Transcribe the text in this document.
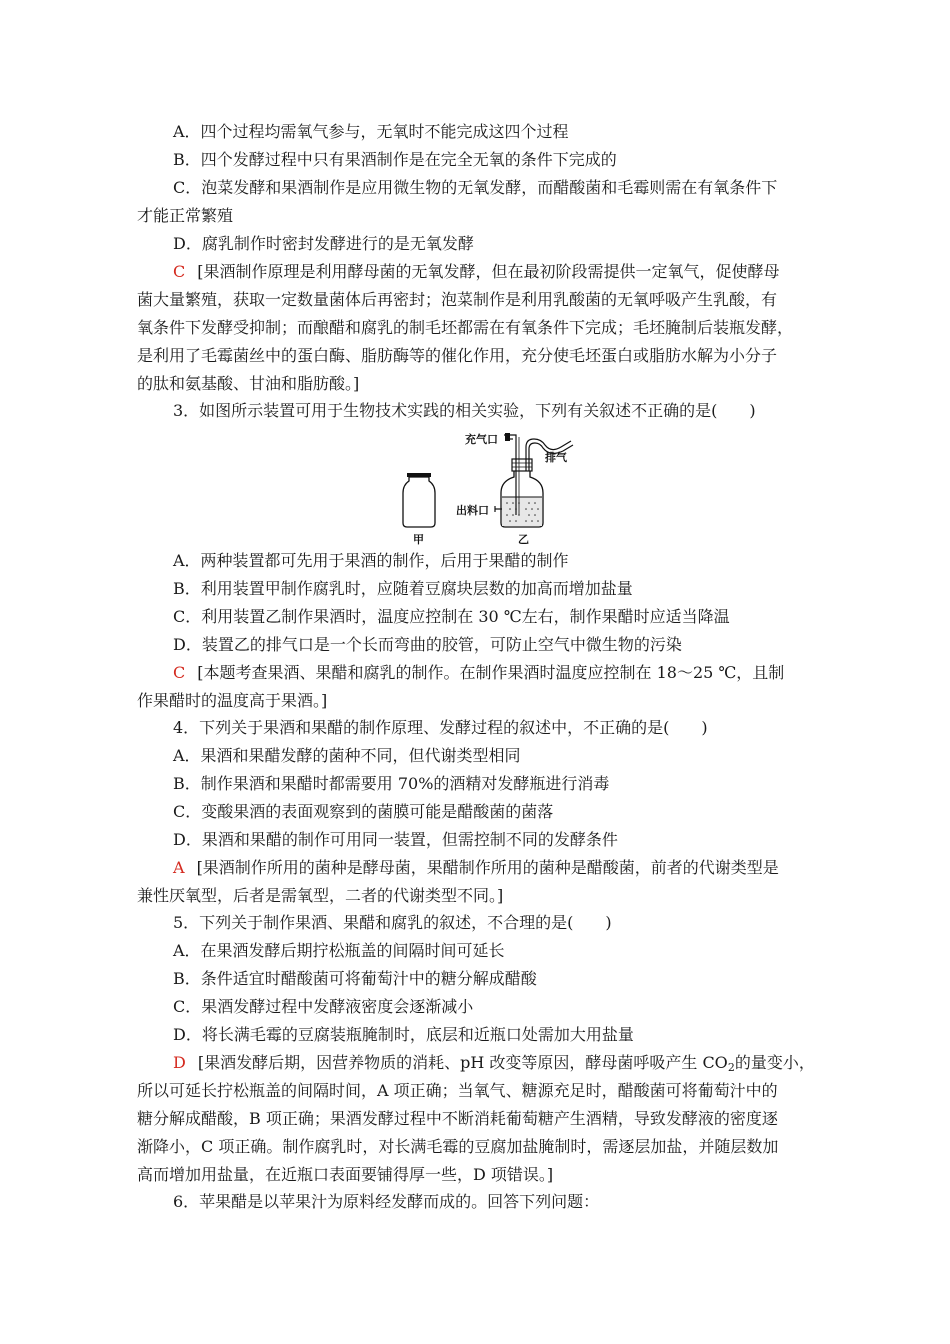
A．四个过程均需氧气参与，无氧时不能完成这四个过程
B．四个发酵过程中只有果酒制作是在完全无氧的条件下完成的
C．泡菜发酵和果酒制作是应用微生物的无氧发酵，而醋酸菌和毛霉则需在有氧条件下
才能正常繁殖
D．腐乳制作时密封发酵进行的是无氧发酵
C [果酒制作原理是利用酵母菌的无氧发酵，但在最初阶段需提供一定氧气，促使酵母
菌大量繁殖，获取一定数量菌体后再密封；泡菜制作是利用乳酸菌的无氧呼吸产生乳酸，有
氧条件下发酵受抑制；而酿醋和腐乳的制毛坯都需在有氧条件下完成；毛坯腌制后装瓶发酵，
是利用了毛霉菌丝中的蛋白酶、脂肪酶等的催化作用，充分使毛坯蛋白或脂肪水解为小分子
的肽和氨基酸、甘油和脂肪酸。]
3．如图所示装置可用于生物技术实践的相关实验，下列有关叙述不正确的是(　　)
甲
充气口
排气
出料口
乙
A．两种装置都可先用于果酒的制作，后用于果醋的制作
B．利用装置甲制作腐乳时，应随着豆腐块层数的加高而增加盐量
C．利用装置乙制作果酒时，温度应控制在 30 ℃左右，制作果醋时应适当降温
D．装置乙的排气口是一个长而弯曲的胶管，可防止空气中微生物的污染
C [本题考查果酒、果醋和腐乳的制作。在制作果酒时温度应控制在 18～25 ℃，且制
作果醋时的温度高于果酒。]
4．下列关于果酒和果醋的制作原理、发酵过程的叙述中，不正确的是(　　)
A．果酒和果醋发酵的菌种不同，但代谢类型相同
B．制作果酒和果醋时都需要用 70%的酒精对发酵瓶进行消毒
C．变酸果酒的表面观察到的菌膜可能是醋酸菌的菌落
D．果酒和果醋的制作可用同一装置，但需控制不同的发酵条件
A [果酒制作所用的菌种是酵母菌，果醋制作所用的菌种是醋酸菌，前者的代谢类型是
兼性厌氧型，后者是需氧型，二者的代谢类型不同。]
5．下列关于制作果酒、果醋和腐乳的叙述，不合理的是(　　)
A．在果酒发酵后期拧松瓶盖的间隔时间可延长
B．条件适宜时醋酸菌可将葡萄汁中的糖分解成醋酸
C．果酒发酵过程中发酵液密度会逐渐减小
D．将长满毛霉的豆腐装瓶腌制时，底层和近瓶口处需加大用盐量
D [果酒发酵后期，因营养物质的消耗、pH 改变等原因，酵母菌呼吸产生 $CO_2$的量变小，
所以可延长拧松瓶盖的间隔时间，A 项正确；当氧气、糖源充足时，醋酸菌可将葡萄汁中的
糖分解成醋酸，B 项正确；果酒发酵过程中不断消耗葡萄糖产生酒精，导致发酵液的密度逐
渐降小，C 项正确。制作腐乳时，对长满毛霉的豆腐加盐腌制时，需逐层加盐，并随层数加
高而增加用盐量，在近瓶口表面要铺得厚一些，D 项错误。]
6．苹果醋是以苹果汁为原料经发酵而成的。回答下列问题：
